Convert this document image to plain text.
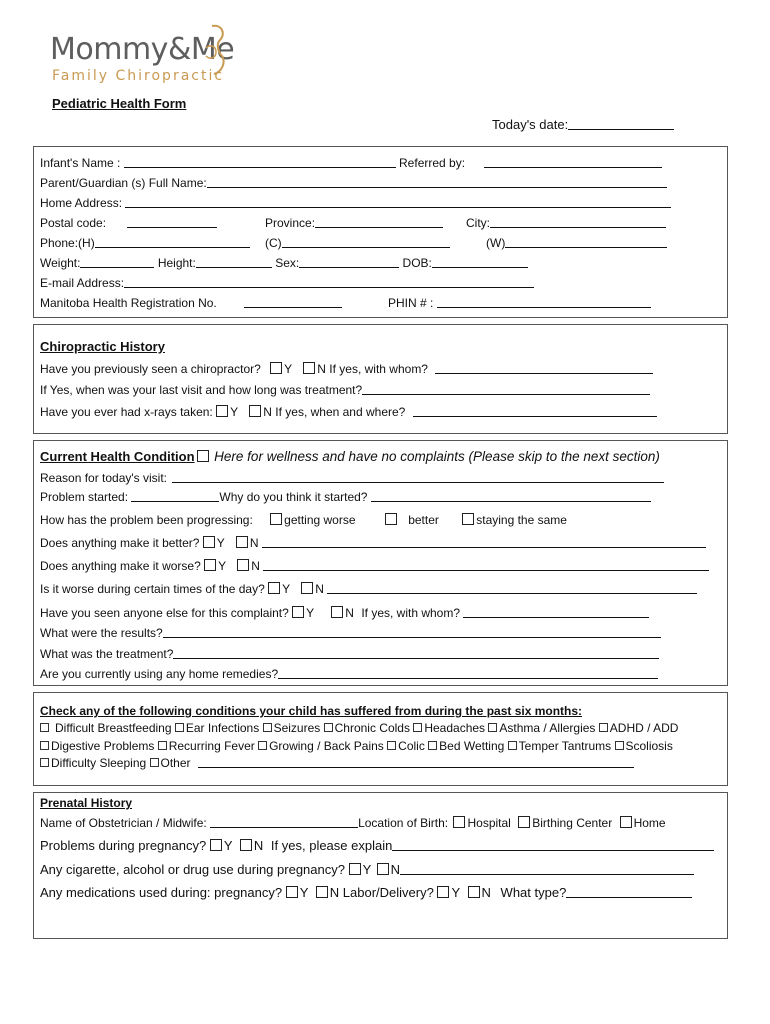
Mommy&Me
Family Chiropractic
Pediatric Health Form
Today's date:
Infant's Name :	Referred by:
Parent/Guardian (s) Full Name:
Home Address:
Postal code:	Province:	City:
Phone:(H)	(C)	(W)
Weight:	Height:	Sex:	DOB:
E-mail Address:
Manitoba Health Registration No.	PHIN # :
Chiropractic History
Have you previously seen a chiropractor? Y N If yes, with whom?
If Yes, when was your last visit and how long was treatment?
Have you ever had x-rays taken: Y N If yes, when and where?
Current Health Condition Here for wellness and have no complaints (Please skip to the next section)
Reason for today's visit:
Problem started:	Why do you think it started?
How has the problem been progressing:	getting worse	better	staying the same
Does anything make it better? Y N
Does anything make it worse? Y N
Is it worse during certain times of the day? Y N
Have you seen anyone else for this complaint? Y	N If yes, with whom?
What were the results?
What was the treatment?
Are you currently using any home remedies?
Check any of the following conditions your child has suffered from during the past six months:
Difficult Breastfeeding Ear Infections Seizures Chronic Colds Headaches Asthma / Allergies ADHD / ADD
Digestive Problems Recurring Fever Growing / Back Pains Colic Bed Wetting Temper Tantrums Scoliosis
Difficulty Sleeping Other
Prenatal History
Name of Obstetrician / Midwife:	Location of Birth: Hospital Birthing Center Home
Problems during pregnancy? Y N If yes, please explain
Any cigarette, alcohol or drug use during pregnancy? Y N
Any medications used during: pregnancy? Y N Labor/Delivery? Y N What type?
